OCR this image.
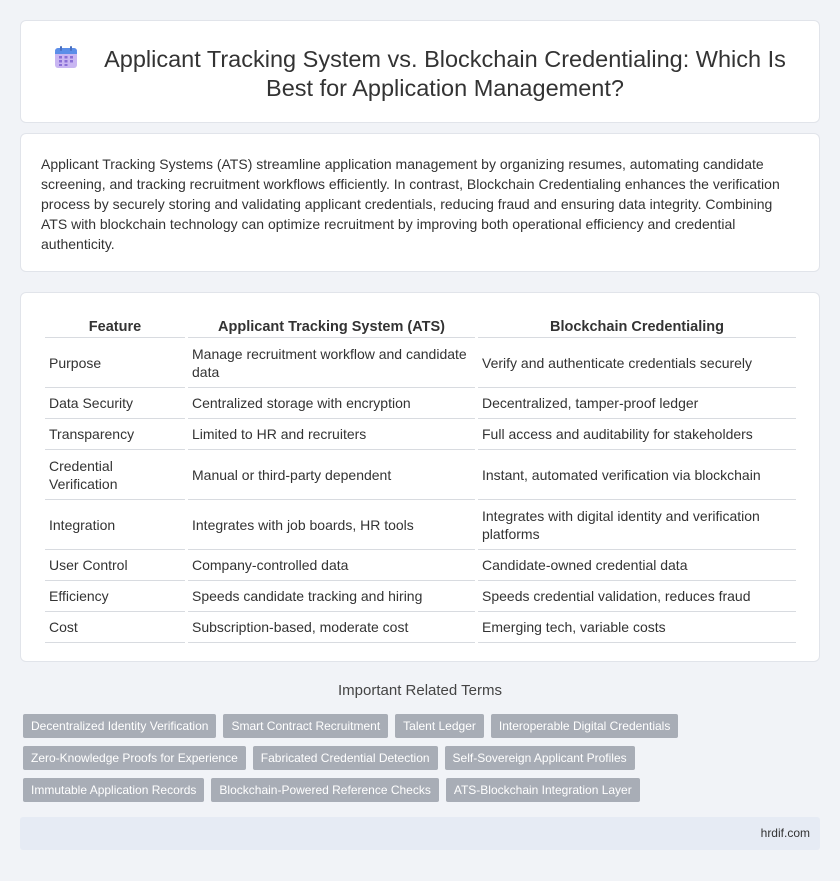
Applicant Tracking System vs. Blockchain Credentialing: Which Is Best for Application Management?

Applicant Tracking Systems (ATS) streamline application management by organizing resumes, automating candidate screening, and tracking recruitment workflows efficiently. In contrast, Blockchain Credentialing enhances the verification process by securely storing and validating applicant credentials, reducing fraud and ensuring data integrity. Combining ATS with blockchain technology can optimize recruitment by improving both operational efficiency and credential authenticity.

Feature	Applicant Tracking System (ATS)	Blockchain Credentialing
Purpose	Manage recruitment workflow and candidate data	Verify and authenticate credentials securely
Data Security	Centralized storage with encryption	Decentralized, tamper-proof ledger
Transparency	Limited to HR and recruiters	Full access and auditability for stakeholders
Credential Verification	Manual or third-party dependent	Instant, automated verification via blockchain
Integration	Integrates with job boards, HR tools	Integrates with digital identity and verification platforms
User Control	Company-controlled data	Candidate-owned credential data
Efficiency	Speeds candidate tracking and hiring	Speeds credential validation, reduces fraud
Cost	Subscription-based, moderate cost	Emerging tech, variable costs
Important Related Terms
Decentralized Identity Verification	Smart Contract Recruitment	Talent Ledger	Interoperable Digital Credentials
Zero-Knowledge Proofs for Experience	Fabricated Credential Detection	Self-Sovereign Applicant Profiles
Immutable Application Records	Blockchain-Powered Reference Checks	ATS-Blockchain Integration Layer
hrdif.com
